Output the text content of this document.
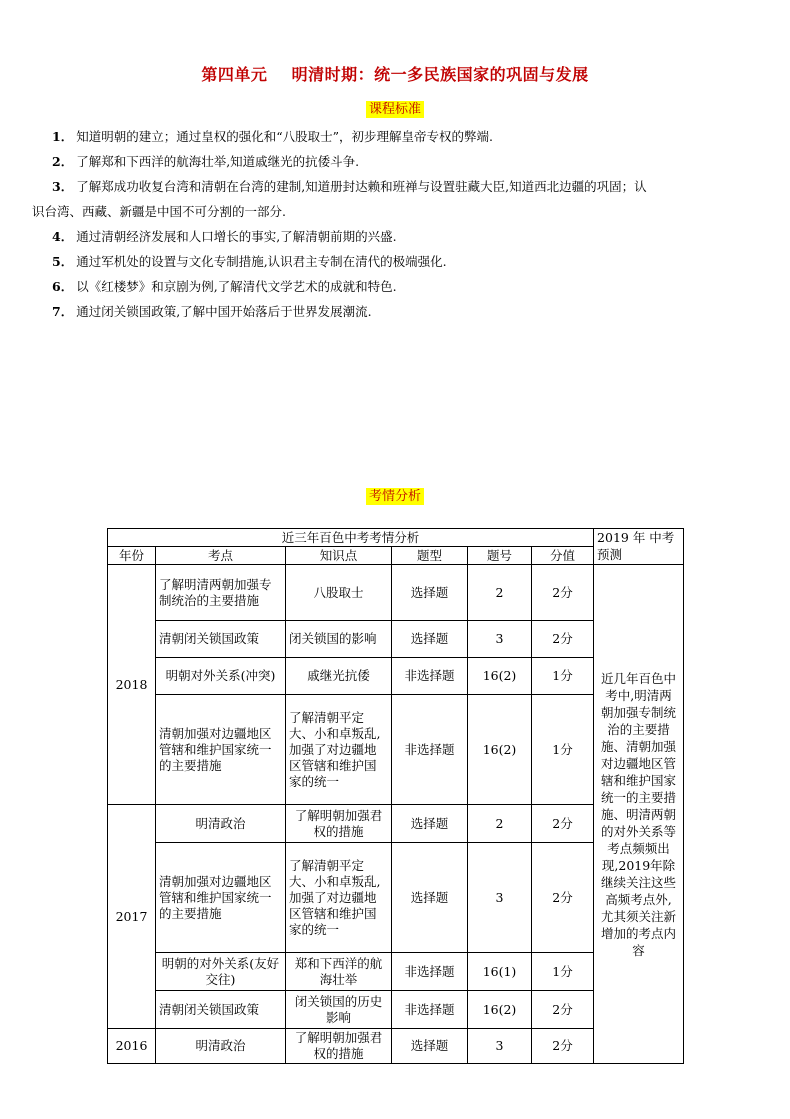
第四单元    明清时期：统一多民族国家的巩固与发展
课程标准
1． 知道明朝的建立；通过皇权的强化和“八股取士”，初步理解皇帝专权的弊端.
2． 了解郑和下西洋的航海壮举,知道戚继光的抗倭斗争.
3． 了解郑成功收复台湾和清朝在台湾的建制,知道册封达赖和班禅与设置驻藏大臣,知道西北边疆的巩固；认
识台湾、西藏、新疆是中国不可分割的一部分.
4． 通过清朝经济发展和人口增长的事实,了解清朝前期的兴盛.
5． 通过军机处的设置与文化专制措施,认识君主专制在清代的极端强化.
6． 以《红楼梦》和京剧为例,了解清代文学艺术的成就和特色.
7． 通过闭关锁国政策,了解中国开始落后于世界发展潮流.
考情分析
近三年百色中考考情分析						2019 年 中考预测
年份	考点	知识点	题型	题号	分值	
2018	了解明清两朝加强专制统治的主要措施	八股取士	选择题	2	2分	近几年百色中考中,明清两朝加强专制统治的主要措施、清朝加强对边疆地区管辖和维护国家统一的主要措施、明清两朝的对外关系等考点频频出现,2019年除继续关注这些高频考点外,尤其须关注新增加的考点内容
	清朝闭关锁国政策	闭关锁国的影响	选择题	3	2分	
	明朝对外关系(冲突)	戚继光抗倭	非选择题	16(2)	1分	
	清朝加强对边疆地区管辖和维护国家统一的主要措施	了解清朝平定大、小和卓叛乱,加强了对边疆地区管辖和维护国家的统一	非选择题	16(2)	1分	
2017	明清政治	了解明朝加强君权的措施	选择题	2	2分	
	清朝加强对边疆地区管辖和维护国家统一的主要措施	了解清朝平定大、小和卓叛乱,加强了对边疆地区管辖和维护国家的统一	选择题	3	2分	
	明朝的对外关系(友好交往)	郑和下西洋的航海壮举	非选择题	16(1)	1分	
	清朝闭关锁国政策	闭关锁国的历史影响	非选择题	16(2)	2分	
2016	明清政治	了解明朝加强君权的措施	选择题	3	2分	
